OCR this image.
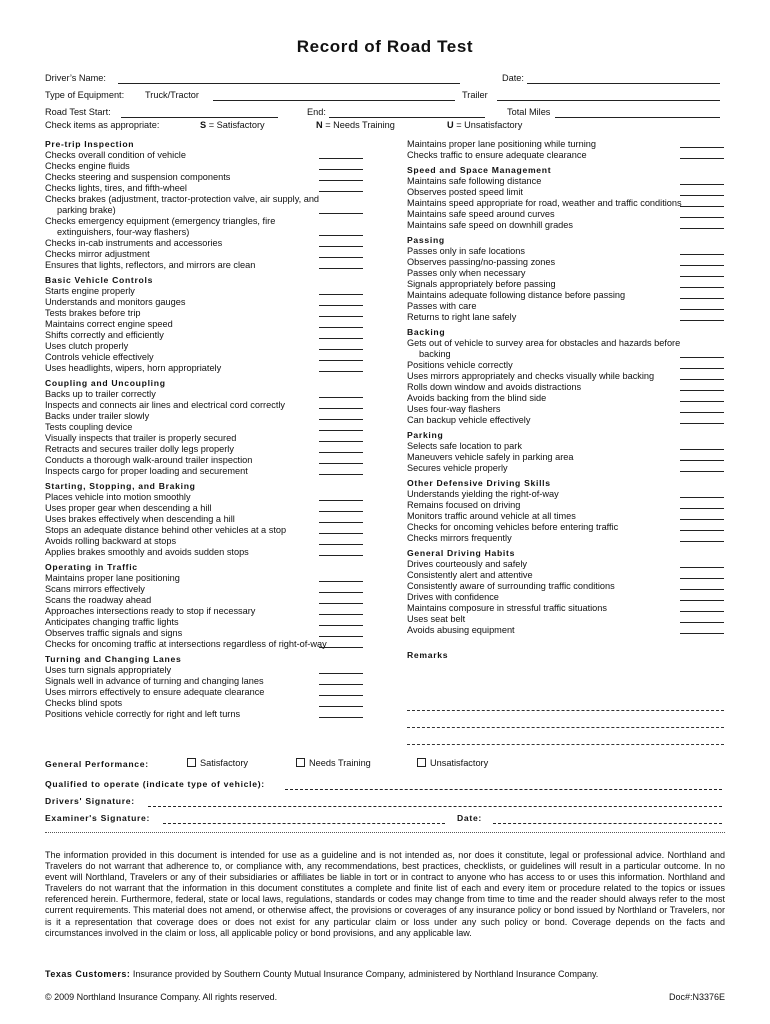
Record of Road Test
Driver’s Name:	Date:
Type of Equipment: Truck/Tractor	Trailer
Road Test Start:	End:	Total Miles
Check items as appropriate:	S = Satisfactory	N = Needs Training	U = Unsatisfactory
Pre-trip Inspection
Checks overall condition of vehicle
Checks engine fluids
Checks steering and suspension components
Checks lights, tires, and fifth-wheel
Checks brakes (adjustment, tractor-protection valve, air supply, and parking brake)
Checks emergency equipment (emergency triangles, fire extinguishers, four-way flashers)
Checks in-cab instruments and accessories
Checks mirror adjustment
Ensures that lights, reflectors, and mirrors are clean
Basic Vehicle Controls
Starts engine properly
Understands and monitors gauges
Tests brakes before trip
Maintains correct engine speed
Shifts correctly and efficiently
Uses clutch properly
Controls vehicle effectively
Uses headlights, wipers, horn appropriately
Coupling and Uncoupling
Backs up to trailer correctly
Inspects and connects air lines and electrical cord correctly
Backs under trailer slowly
Tests coupling device
Visually inspects that trailer is properly secured
Retracts and secures trailer dolly legs properly
Conducts a thorough walk-around trailer inspection
Inspects cargo for proper loading and securement
Starting, Stopping, and Braking
Places vehicle into motion smoothly
Uses proper gear when descending a hill
Uses brakes effectively when descending a hill
Stops an adequate distance behind other vehicles at a stop
Avoids rolling backward at stops
Applies brakes smoothly and avoids sudden stops
Operating in Traffic
Maintains proper lane positioning
Scans mirrors effectively
Scans the roadway ahead
Approaches intersections ready to stop if necessary
Anticipates changing traffic lights
Observes traffic signals and signs
Checks for oncoming traffic at intersections regardless of right-of-way
Turning and Changing Lanes
Uses turn signals appropriately
Signals well in advance of turning and changing lanes
Uses mirrors effectively to ensure adequate clearance
Checks blind spots
Positions vehicle correctly for right and left turns
Maintains proper lane positioning while turning
Checks traffic to ensure adequate clearance
Speed and Space Management
Maintains safe following distance
Observes posted speed limit
Maintains speed appropriate for road, weather and traffic conditions
Maintains safe speed around curves
Maintains safe speed on downhill grades
Passing
Passes only in safe locations
Observes passing/no-passing zones
Passes only when necessary
Signals appropriately before passing
Maintains adequate following distance before passing
Passes with care
Returns to right lane safely
Backing
Gets out of vehicle to survey area for obstacles and hazards before backing
Positions vehicle correctly
Uses mirrors appropriately and checks visually while backing
Rolls down window and avoids distractions
Avoids backing from the blind side
Uses four-way flashers
Can backup vehicle effectively
Parking
Selects safe location to park
Maneuvers vehicle safely in parking area
Secures vehicle properly
Other Defensive Driving Skills
Understands yielding the right-of-way
Remains focused on driving
Monitors traffic around vehicle at all times
Checks for oncoming vehicles before entering traffic
Checks mirrors frequently
General Driving Habits
Drives courteously and safely
Consistently alert and attentive
Consistently aware of surrounding traffic conditions
Drives with confidence
Maintains composure in stressful traffic situations
Uses seat belt
Avoids abusing equipment
Remarks
General Performance:	Satisfactory	Needs Training	Unsatisfactory
Qualified to operate (indicate type of vehicle):
Drivers' Signature:
Examiner's Signature:	Date:
The information provided in this document is intended for use as a guideline and is not intended as, nor does it constitute, legal or professional advice. Northland and Travelers do not warrant that adherence to, or compliance with, any recommendations, best practices, checklists, or guidelines will result in a particular outcome. In no event will Northland, Travelers or any of their subsidiaries or affiliates be liable in tort or in contract to anyone who has access to or uses this information. Northland and Travelers do not warrant that the information in this document constitutes a complete and finite list of each and every item or procedure related to the topics or issues referenced herein. Furthermore, federal, state or local laws, regulations, standards or codes may change from time to time and the reader should always refer to the most current requirements. This material does not amend, or otherwise affect, the provisions or coverages of any insurance policy or bond issued by Northland or Travelers, nor is it a representation that coverage does or does not exist for any particular claim or loss under any such policy or bond. Coverage depends on the facts and circumstances involved in the claim or loss, all applicable policy or bond provisions, and any applicable law.
Texas Customers: Insurance provided by Southern County Mutual Insurance Company, administered by Northland Insurance Company.
© 2009 Northland Insurance Company. All rights reserved.	Doc#:N3376E
